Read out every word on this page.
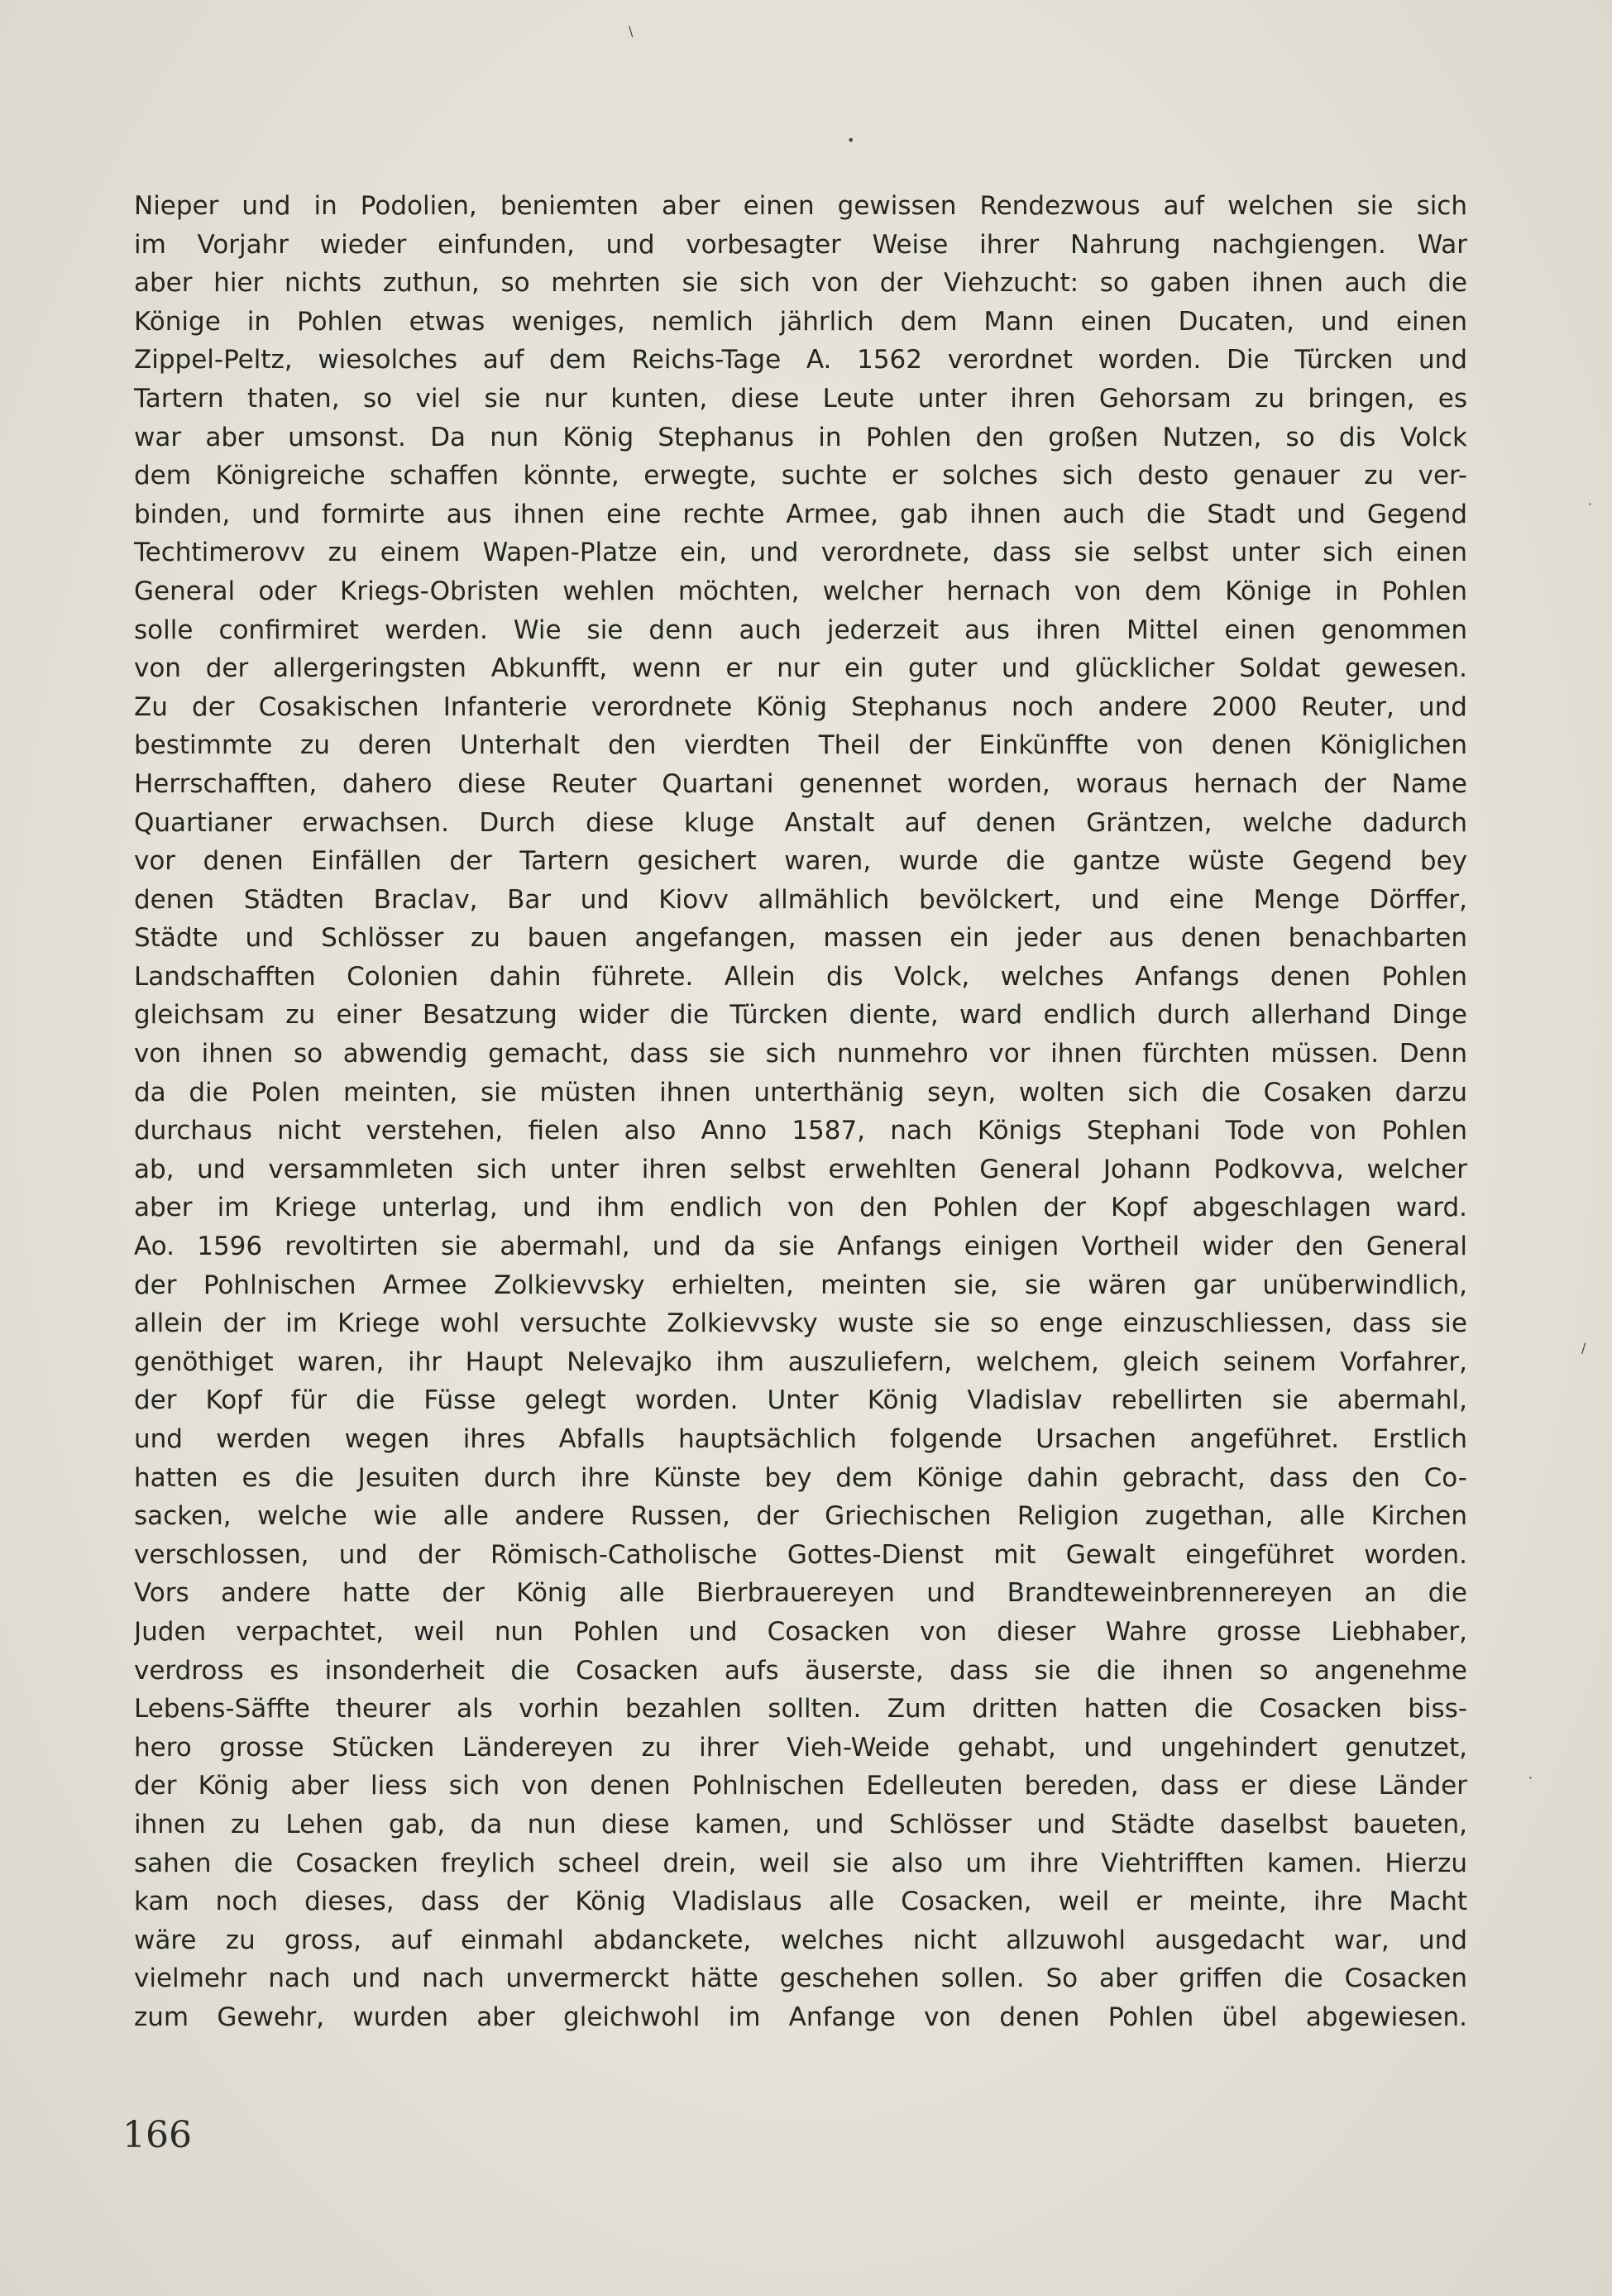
\
•
·
/
·
Nieper und in Podolien, beniemten aber einen gewissen Rendezwous auf welchen sie sich
im Vorjahr wieder einfunden, und vorbesagter Weise ihrer Nahrung nachgiengen. War
aber hier nichts zuthun, so mehrten sie sich von der Viehzucht: so gaben ihnen auch die
Könige in Pohlen etwas weniges, nemlich jährlich dem Mann einen Ducaten, und einen
Zippel-Peltz, wiesolches auf dem Reichs-Tage A. 1562 verordnet worden. Die Türcken und
Tartern thaten, so viel sie nur kunten, diese Leute unter ihren Gehorsam zu bringen, es
war aber umsonst. Da nun König Stephanus in Pohlen den großen Nutzen, so dis Volck
dem Königreiche schaffen könnte, erwegte, suchte er solches sich desto genauer zu ver-
binden, und formirte aus ihnen eine rechte Armee, gab ihnen auch die Stadt und Gegend
Techtimerovv zu einem Wapen-Platze ein, und verordnete, dass sie selbst unter sich einen
General oder Kriegs-Obristen wehlen möchten, welcher hernach von dem Könige in Pohlen
solle confirmiret werden. Wie sie denn auch jederzeit aus ihren Mittel einen genommen
von der allergeringsten Abkunfft, wenn er nur ein guter und glücklicher Soldat gewesen.
Zu der Cosakischen Infanterie verordnete König Stephanus noch andere 2000 Reuter, und
bestimmte zu deren Unterhalt den vierdten Theil der Einkünffte von denen Königlichen
Herrschafften, dahero diese Reuter Quartani genennet worden, woraus hernach der Name
Quartianer erwachsen. Durch diese kluge Anstalt auf denen Gräntzen, welche dadurch
vor denen Einfällen der Tartern gesichert waren, wurde die gantze wüste Gegend bey
denen Städten Braclav, Bar und Kiovv allmählich bevölckert, und eine Menge Dörffer,
Städte und Schlösser zu bauen angefangen, massen ein jeder aus denen benachbarten
Landschafften Colonien dahin führete. Allein dis Volck, welches Anfangs denen Pohlen
gleichsam zu einer Besatzung wider die Türcken diente, ward endlich durch allerhand Dinge
von ihnen so abwendig gemacht, dass sie sich nunmehro vor ihnen fürchten müssen. Denn
da die Polen meinten, sie müsten ihnen unterthänig seyn, wolten sich die Cosaken darzu
durchaus nicht verstehen, fielen also Anno 1587, nach Königs Stephani Tode von Pohlen
ab, und versammleten sich unter ihren selbst erwehlten General Johann Podkovva, welcher
aber im Kriege unterlag, und ihm endlich von den Pohlen der Kopf abgeschlagen ward.
Ao. 1596 revoltirten sie abermahl, und da sie Anfangs einigen Vortheil wider den General
der Pohlnischen Armee Zolkievvsky erhielten, meinten sie, sie wären gar unüberwindlich,
allein der im Kriege wohl versuchte Zolkievvsky wuste sie so enge einzuschliessen, dass sie
genöthiget waren, ihr Haupt Nelevajko ihm auszuliefern, welchem, gleich seinem Vorfahrer,
der Kopf für die Füsse gelegt worden. Unter König Vladislav rebellirten sie abermahl,
und werden wegen ihres Abfalls hauptsächlich folgende Ursachen angeführet. Erstlich
hatten es die Jesuiten durch ihre Künste bey dem Könige dahin gebracht, dass den Co-
sacken, welche wie alle andere Russen, der Griechischen Religion zugethan, alle Kirchen
verschlossen, und der Römisch-Catholische Gottes-Dienst mit Gewalt eingeführet worden.
Vors andere hatte der König alle Bierbrauereyen und Brandteweinbrennereyen an die
Juden verpachtet, weil nun Pohlen und Cosacken von dieser Wahre grosse Liebhaber,
verdross es insonderheit die Cosacken aufs äuserste, dass sie die ihnen so angenehme
Lebens-Säffte theurer als vorhin bezahlen sollten. Zum dritten hatten die Cosacken biss-
hero grosse Stücken Ländereyen zu ihrer Vieh-Weide gehabt, und ungehindert genutzet,
der König aber liess sich von denen Pohlnischen Edelleuten bereden, dass er diese Länder
ihnen zu Lehen gab, da nun diese kamen, und Schlösser und Städte daselbst baueten,
sahen die Cosacken freylich scheel drein, weil sie also um ihre Viehtrifften kamen. Hierzu
kam noch dieses, dass der König Vladislaus alle Cosacken, weil er meinte, ihre Macht
wäre zu gross, auf einmahl abdanckete, welches nicht allzuwohl ausgedacht war, und
vielmehr nach und nach unvermerckt hätte geschehen sollen. So aber griffen die Cosacken
zum Gewehr, wurden aber gleichwohl im Anfange von denen Pohlen übel abgewiesen.
166
